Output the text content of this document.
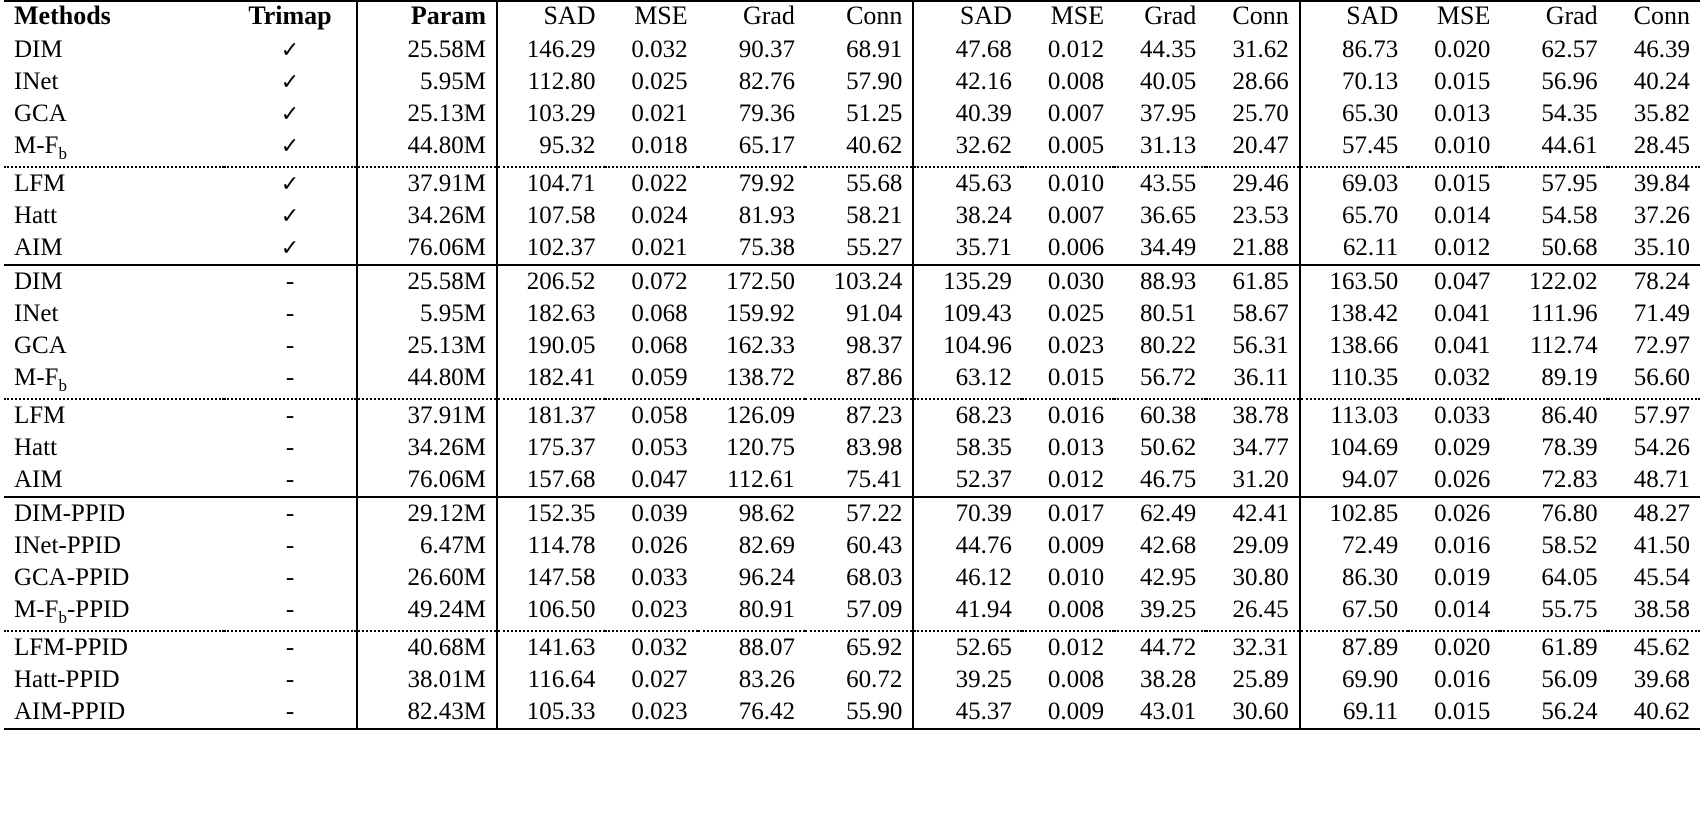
Methods	Trimap	Param	SAD	MSE	Grad	Conn	SAD	MSE	Grad	Conn	SAD	MSE	Grad	Conn
DIM	✓	25.58M	146.29	0.032	90.37	68.91	47.68	0.012	44.35	31.62	86.73	0.020	62.57	46.39
INet	✓	5.95M	112.80	0.025	82.76	57.90	42.16	0.008	40.05	28.66	70.13	0.015	56.96	40.24
GCA	✓	25.13M	103.29	0.021	79.36	51.25	40.39	0.007	37.95	25.70	65.30	0.013	54.35	35.82
$M-F_b$	✓	44.80M	95.32	0.018	65.17	40.62	32.62	0.005	31.13	20.47	57.45	0.010	44.61	28.45
LFM	✓	37.91M	104.71	0.022	79.92	55.68	45.63	0.010	43.55	29.46	69.03	0.015	57.95	39.84
Hatt	✓	34.26M	107.58	0.024	81.93	58.21	38.24	0.007	36.65	23.53	65.70	0.014	54.58	37.26
AIM	✓	76.06M	102.37	0.021	75.38	55.27	35.71	0.006	34.49	21.88	62.11	0.012	50.68	35.10
DIM	-	25.58M	206.52	0.072	172.50	103.24	135.29	0.030	88.93	61.85	163.50	0.047	122.02	78.24
INet	-	5.95M	182.63	0.068	159.92	91.04	109.43	0.025	80.51	58.67	138.42	0.041	111.96	71.49
GCA	-	25.13M	190.05	0.068	162.33	98.37	104.96	0.023	80.22	56.31	138.66	0.041	112.74	72.97
$M-F_b$	-	44.80M	182.41	0.059	138.72	87.86	63.12	0.015	56.72	36.11	110.35	0.032	89.19	56.60
LFM	-	37.91M	181.37	0.058	126.09	87.23	68.23	0.016	60.38	38.78	113.03	0.033	86.40	57.97
Hatt	-	34.26M	175.37	0.053	120.75	83.98	58.35	0.013	50.62	34.77	104.69	0.029	78.39	54.26
AIM	-	76.06M	157.68	0.047	112.61	75.41	52.37	0.012	46.75	31.20	94.07	0.026	72.83	48.71
DIM-PPID	-	29.12M	152.35	0.039	98.62	57.22	70.39	0.017	62.49	42.41	102.85	0.026	76.80	48.27
INet-PPID	-	6.47M	114.78	0.026	82.69	60.43	44.76	0.009	42.68	29.09	72.49	0.016	58.52	41.50
GCA-PPID	-	26.60M	147.58	0.033	96.24	68.03	46.12	0.010	42.95	30.80	86.30	0.019	64.05	45.54
$M-F_b$-PPID	-	49.24M	106.50	0.023	80.91	57.09	41.94	0.008	39.25	26.45	67.50	0.014	55.75	38.58
LFM-PPID	-	40.68M	141.63	0.032	88.07	65.92	52.65	0.012	44.72	32.31	87.89	0.020	61.89	45.62
Hatt-PPID	-	38.01M	116.64	0.027	83.26	60.72	39.25	0.008	38.28	25.89	69.90	0.016	56.09	39.68
AIM-PPID	-	82.43M	105.33	0.023	76.42	55.90	45.37	0.009	43.01	30.60	69.11	0.015	56.24	40.62
